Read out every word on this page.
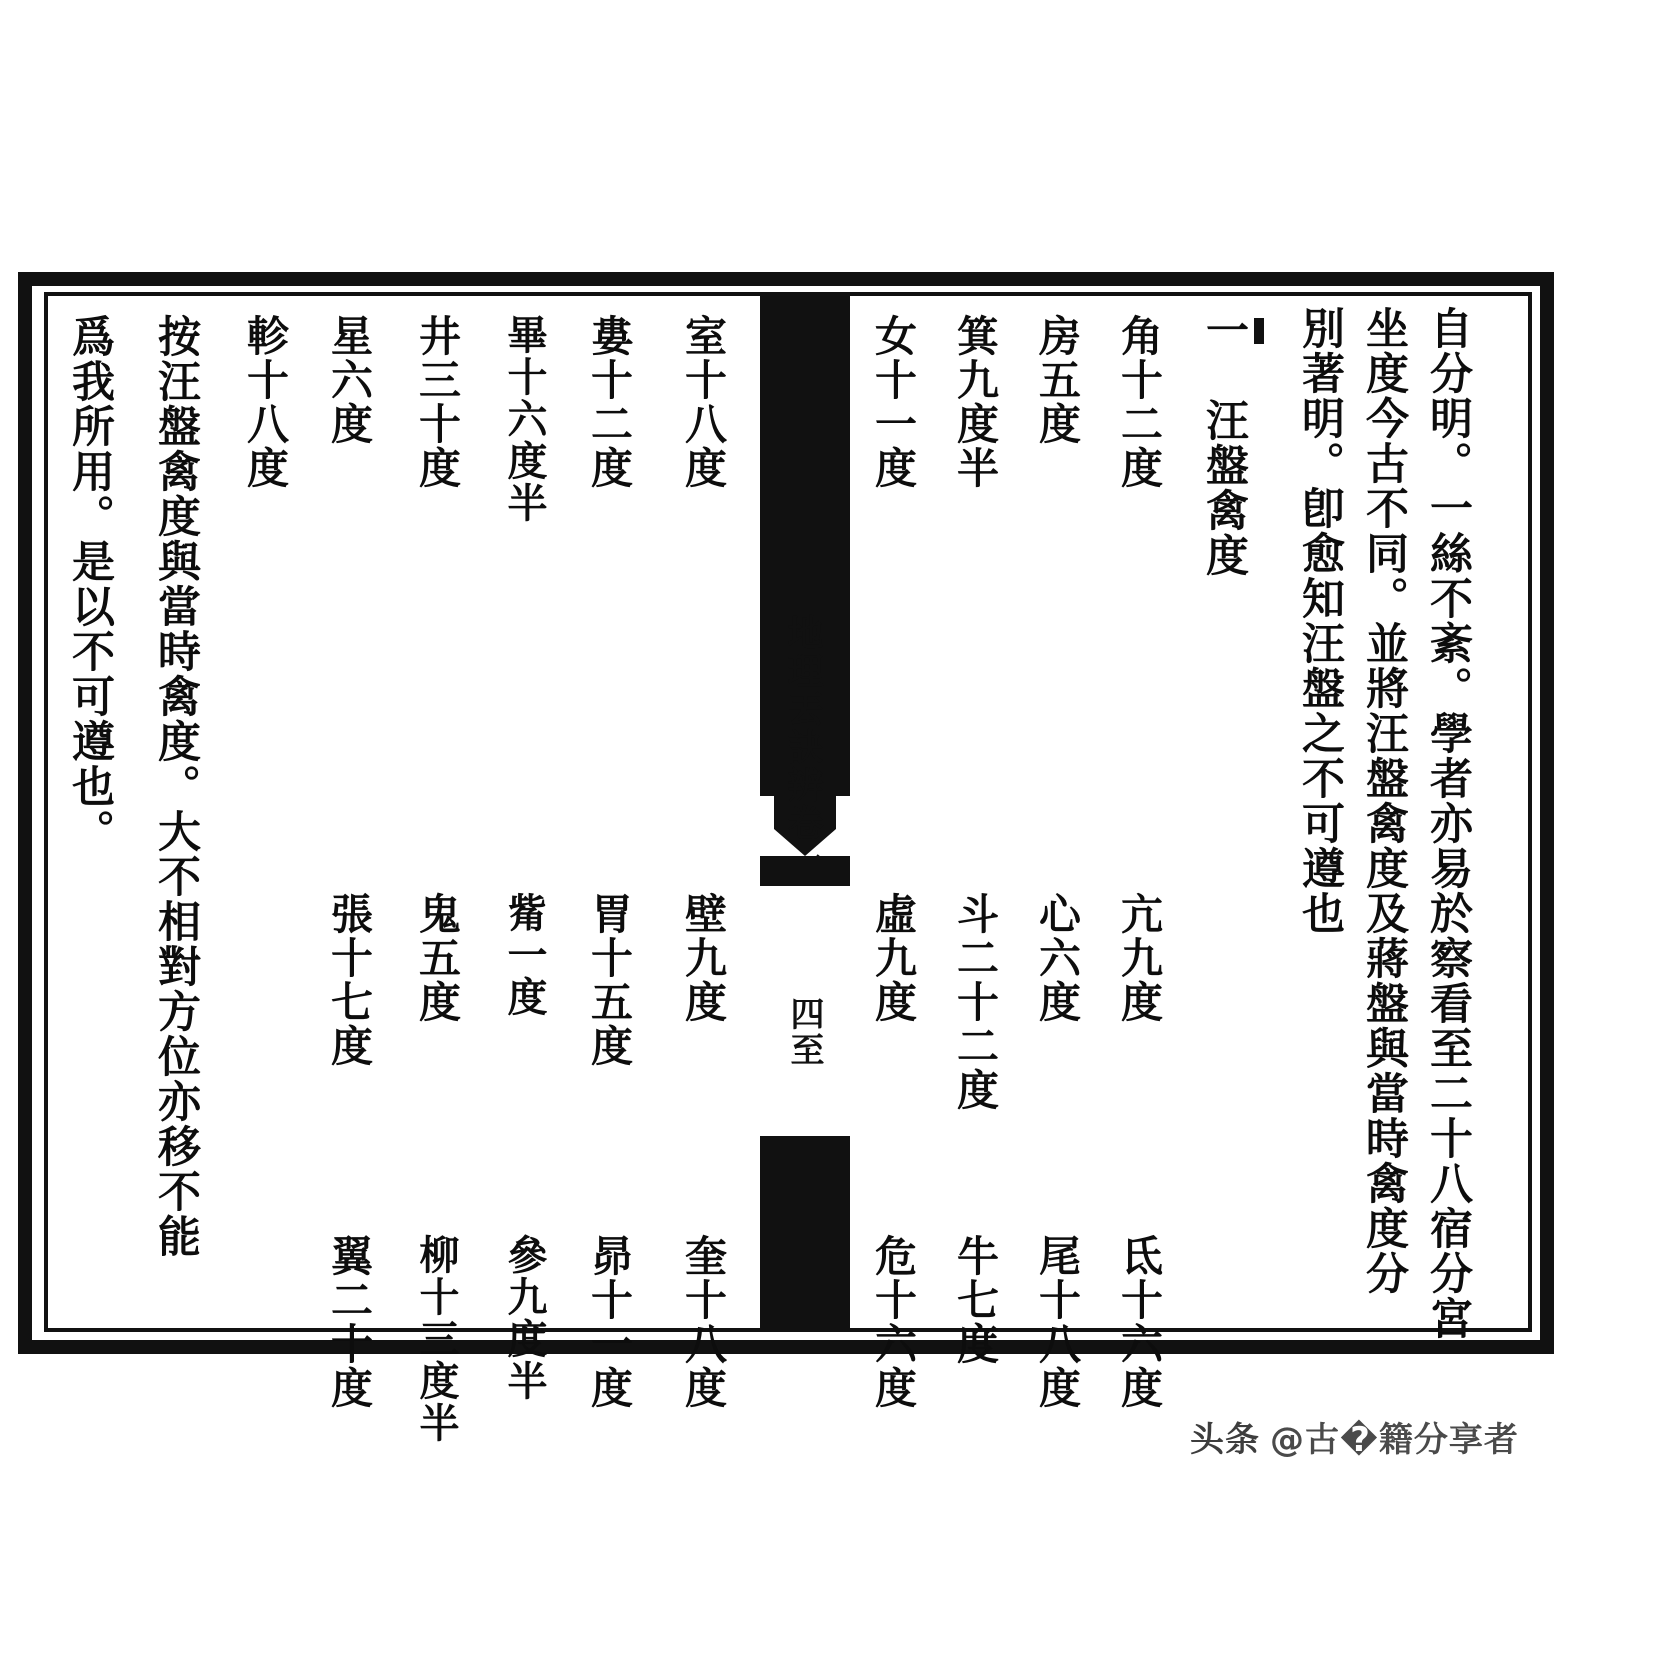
自分明。一絲不紊。學者亦易於察看至二十八宿分宮
坐度今古不同。並將汪盤禽度及蔣盤與當時禽度分
別著明。卽愈知汪盤之不可遵也
一　汪盤禽度
角十二度
亢九度
房五度
心六度
箕九度半
斗二十二度
女十一度
虛九度
地理丟訣辨卷一
四至
室十八度
壁九度
婁十二度
胃十五度
畢十六度半
觜一度
井三十度
鬼五度
星六度
張十七度
軫十八度
氐十六度
尾十八度
牛七度
危十六度
奎十八度
昴十一度
參九度半
柳十三度半
翼二十度
按汪盤禽度與當時禽度。大不相對方位亦移不能
爲我所用。是以不可遵也。
头条 @古�籍分享者
